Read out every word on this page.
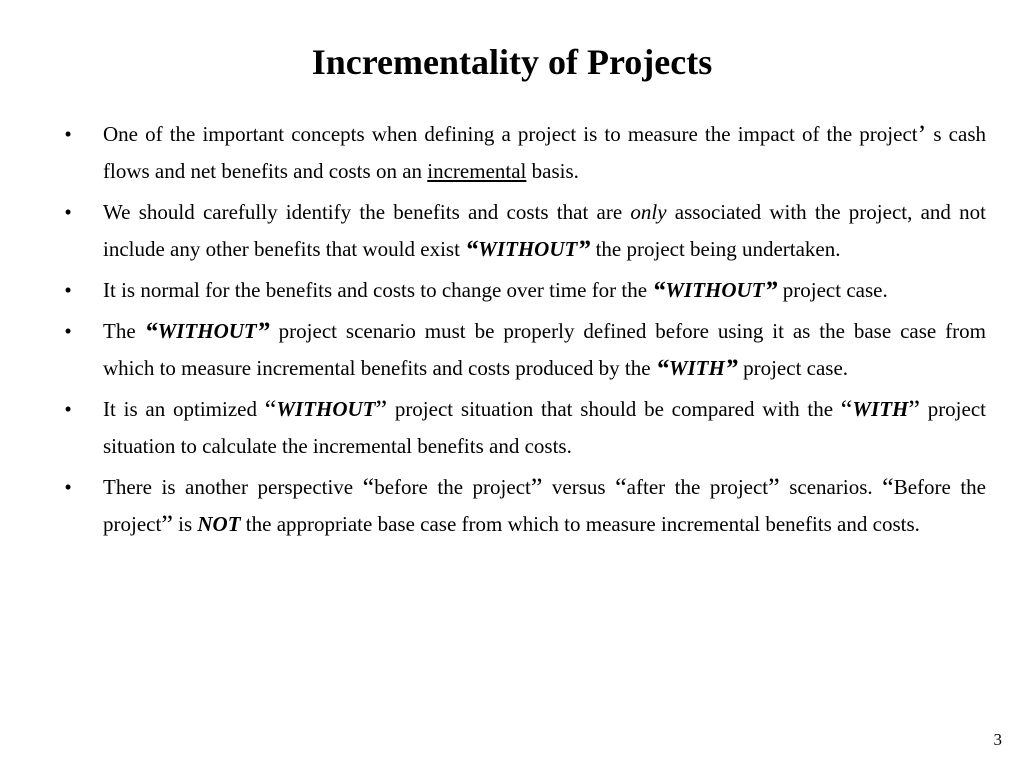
Incrementality of Projects
• One of the important concepts when defining a project is to measure the impact of the project’ s cash flows and net benefits and costs on an incremental basis.
• We should carefully identify the benefits and costs that are only associated with the project, and not include any other benefits that would exist “WITHOUT” the project being undertaken.
• It is normal for the benefits and costs to change over time for the “WITHOUT” project case.
• The “WITHOUT” project scenario must be properly defined before using it as the base case from which to measure incremental benefits and costs produced by the “WITH” project case.
• It is an optimized “WITHOUT” project situation that should be compared with the “WITH” project situation to calculate the incremental benefits and costs.
• There is another perspective “before the project” versus “after the project” scenarios. “Before the project” is NOT the appropriate base case from which to measure incremental benefits and costs.
3
